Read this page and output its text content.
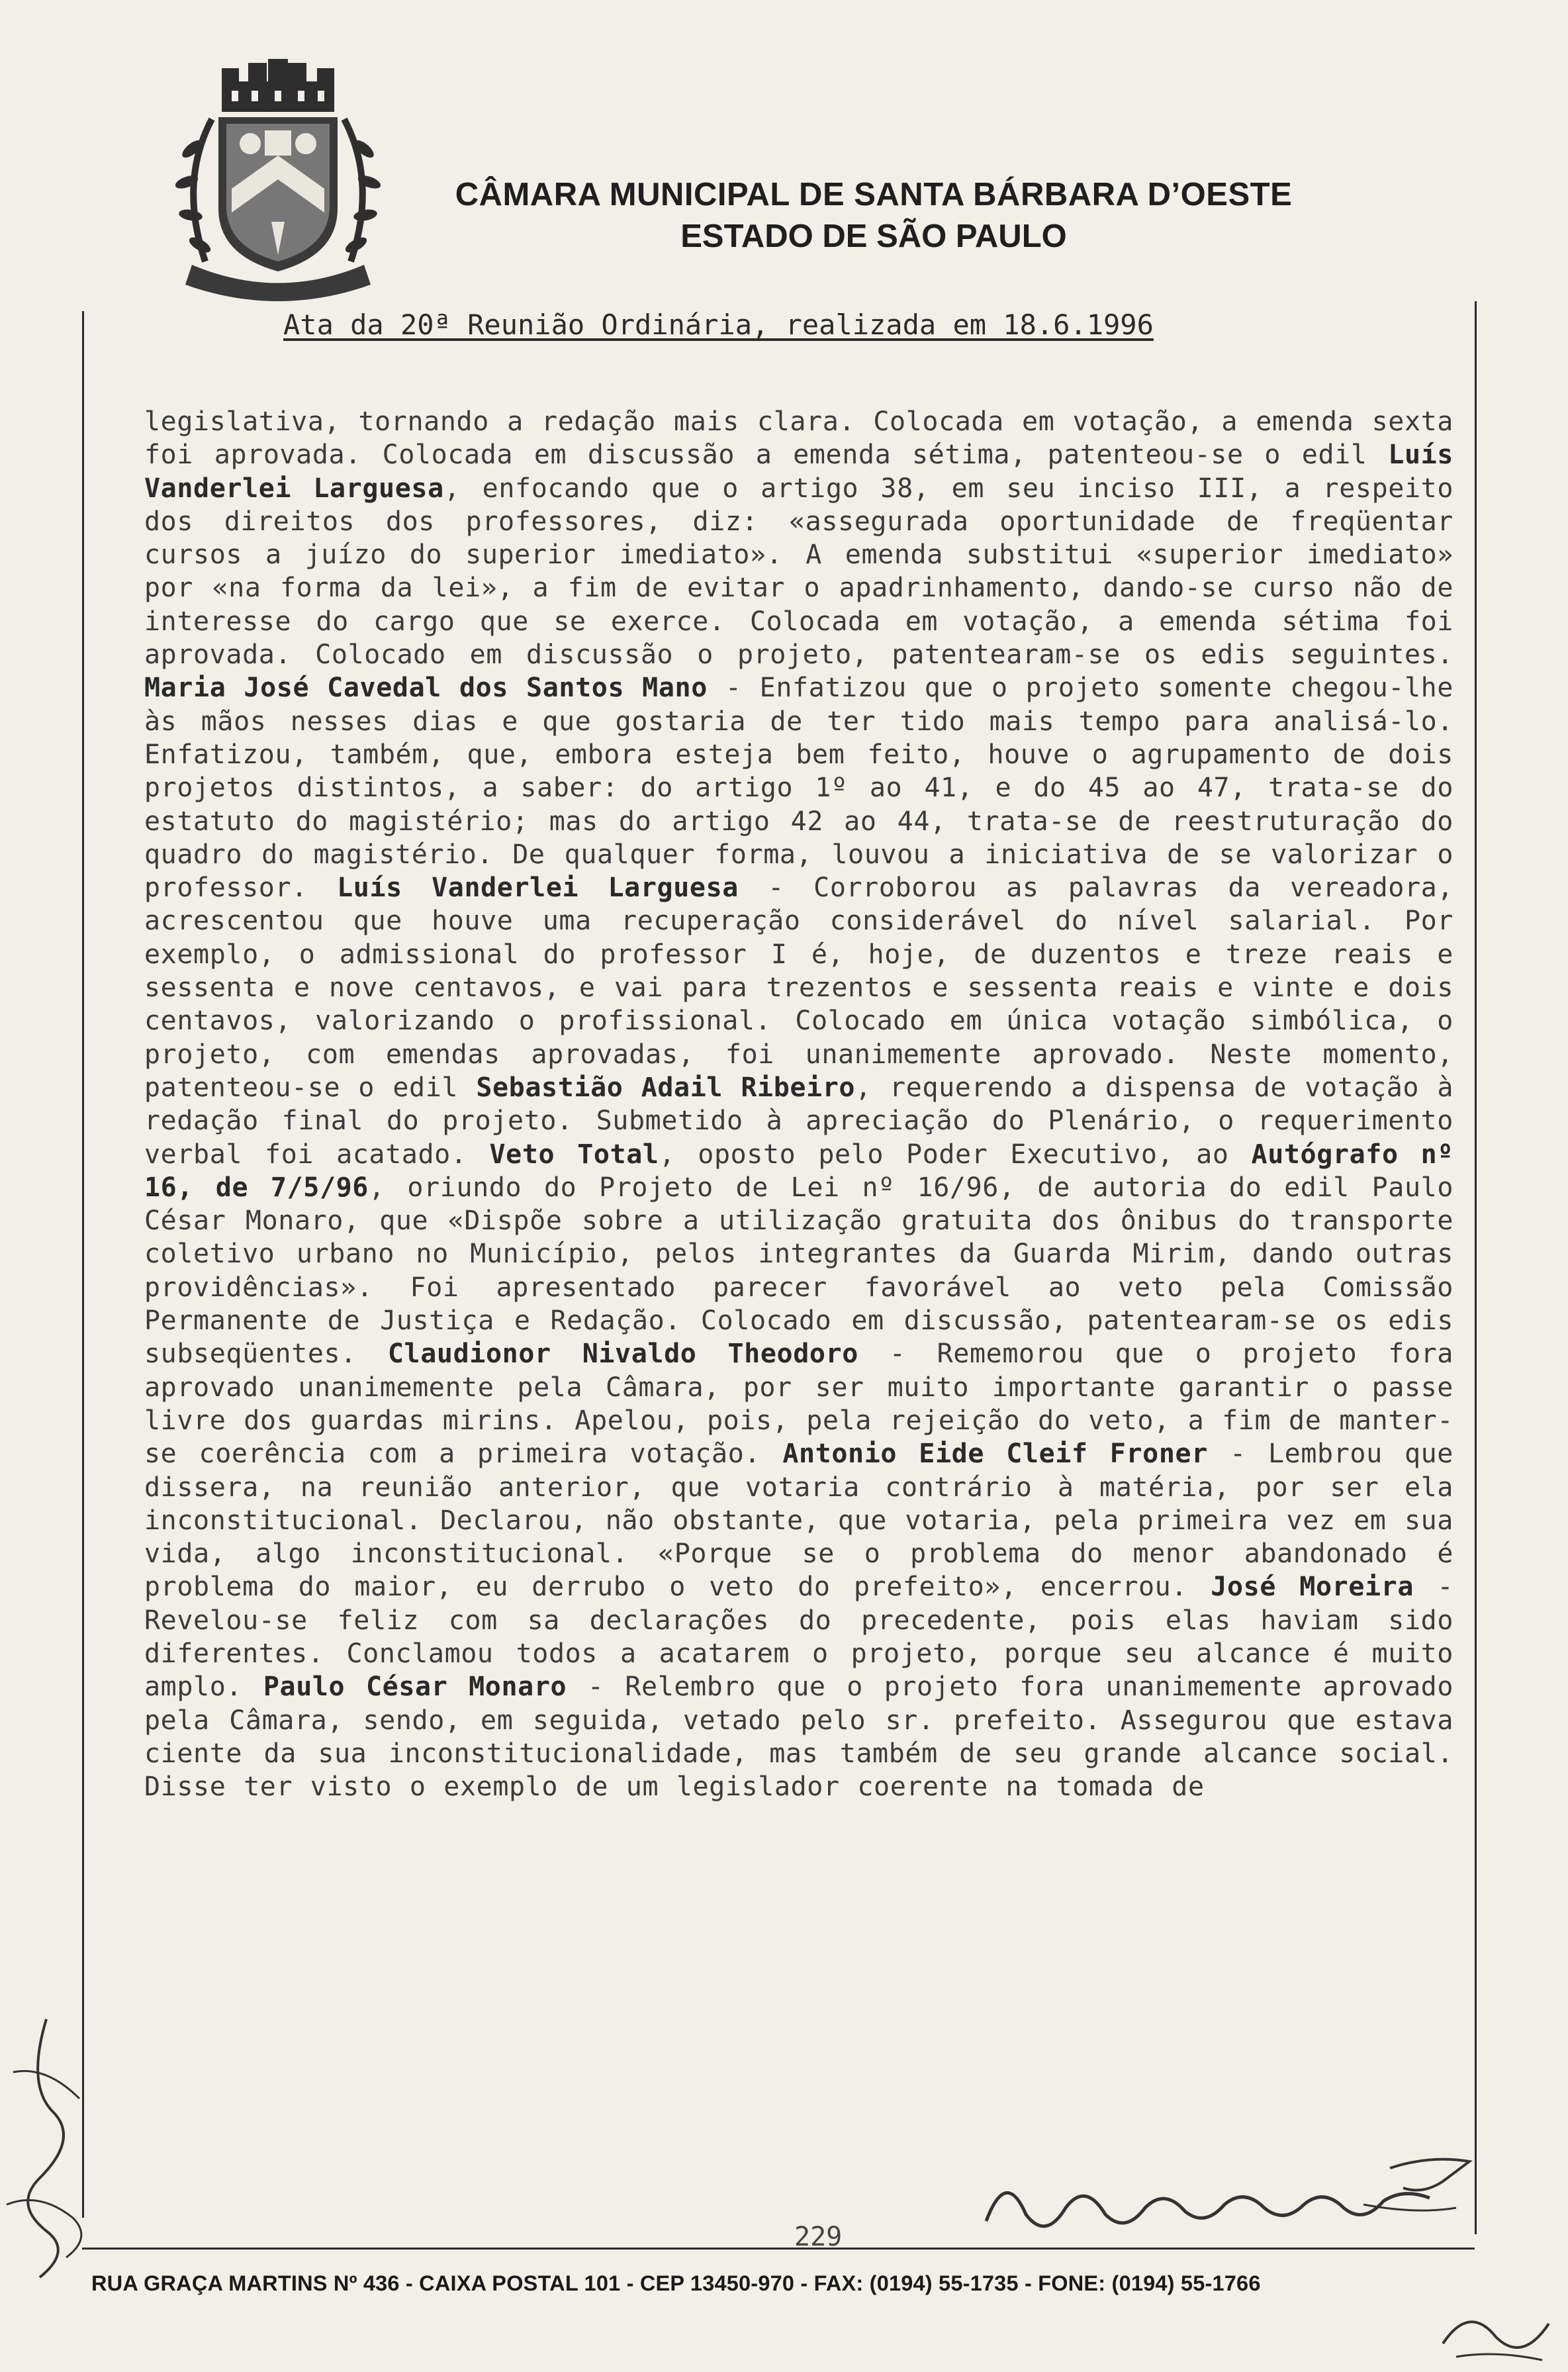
CÂMARA MUNICIPAL DE SANTA BÁRBARA D’OESTE
ESTADO DE SÃO PAULO
Ata da 20ª Reunião Ordinária, realizada em 18.6.1996
legislativa, tornando a redação mais clara. Colocada em votação, a emenda sexta foi aprovada. Colocada em discussão a emenda sétima, patenteou-se o edil Luís Vanderlei Larguesa, enfocando que o artigo 38, em seu inciso III, a respeito dos direitos dos professores, diz: «assegurada oportunidade de freqüentar cursos a juízo do superior imediato». A emenda substitui «superior imediato» por «na forma da lei», a fim de evitar o apadrinhamento, dando-se curso não de interesse do cargo que se exerce. Colocada em votação, a emenda sétima foi aprovada. Colocado em discussão o projeto, patentearam-se os edis seguintes. Maria José Cavedal dos Santos Mano - Enfatizou que o projeto somente chegou-lhe às mãos nesses dias e que gostaria de ter tido mais tempo para analisá-lo. Enfatizou, também, que, embora esteja bem feito, houve o agrupamento de dois projetos distintos, a saber: do artigo 1º ao 41, e do 45 ao 47, trata-se do estatuto do magistério; mas do artigo 42 ao 44, trata-se de reestruturação do quadro do magistério. De qualquer forma, louvou a iniciativa de se valorizar o professor. Luís Vanderlei Larguesa - Corroborou as palavras da vereadora, acrescentou que houve uma recuperação considerável do nível salarial. Por exemplo, o admissional do professor I é, hoje, de duzentos e treze reais e sessenta e nove centavos, e vai para trezentos e sessenta reais e vinte e dois centavos, valorizando o profissional. Colocado em única votação simbólica, o projeto, com emendas aprovadas, foi unanimemente aprovado. Neste momento, patenteou-se o edil Sebastião Adail Ribeiro, requerendo a dispensa de votação à redação final do projeto. Submetido à apreciação do Plenário, o requerimento verbal foi acatado. Veto Total, oposto pelo Poder Executivo, ao Autógrafo nº 16, de 7/5/96, oriundo do Projeto de Lei nº 16/96, de autoria do edil Paulo César Monaro, que «Dispõe sobre a utilização gratuita dos ônibus do transporte coletivo urbano no Município, pelos integrantes da Guarda Mirim, dando outras providências». Foi apresentado parecer favorável ao veto pela Comissão Permanente de Justiça e Redação. Colocado em discussão, patentearam-se os edis subseqüentes. Claudionor Nivaldo Theodoro - Rememorou que o projeto fora aprovado unanimemente pela Câmara, por ser muito importante garantir o passe livre dos guardas mirins. Apelou, pois, pela rejeição do veto, a fim de manter-se coerência com a primeira votação. Antonio Eide Cleif Froner - Lembrou que dissera, na reunião anterior, que votaria contrário à matéria, por ser ela inconstitucional. Declarou, não obstante, que votaria, pela primeira vez em sua vida, algo inconstitucional. «Porque se o problema do menor abandonado é problema do maior, eu derrubo o veto do prefeito», encerrou. José Moreira - Revelou-se feliz com sa declarações do precedente, pois elas haviam sido diferentes. Conclamou todos a acatarem o projeto, porque seu alcance é muito amplo. Paulo César Monaro - Relembro que o projeto fora unanimemente aprovado pela Câmara, sendo, em seguida, vetado pelo sr. prefeito. Assegurou que estava ciente da sua inconstitucionalidade, mas também de seu grande alcance social. Disse ter visto o exemplo de um legislador coerente na tomada de
229
RUA GRAÇA MARTINS Nº 436 - CAIXA POSTAL 101 - CEP 13450-970 - FAX: (0194) 55-1735 - FONE: (0194) 55-1766
